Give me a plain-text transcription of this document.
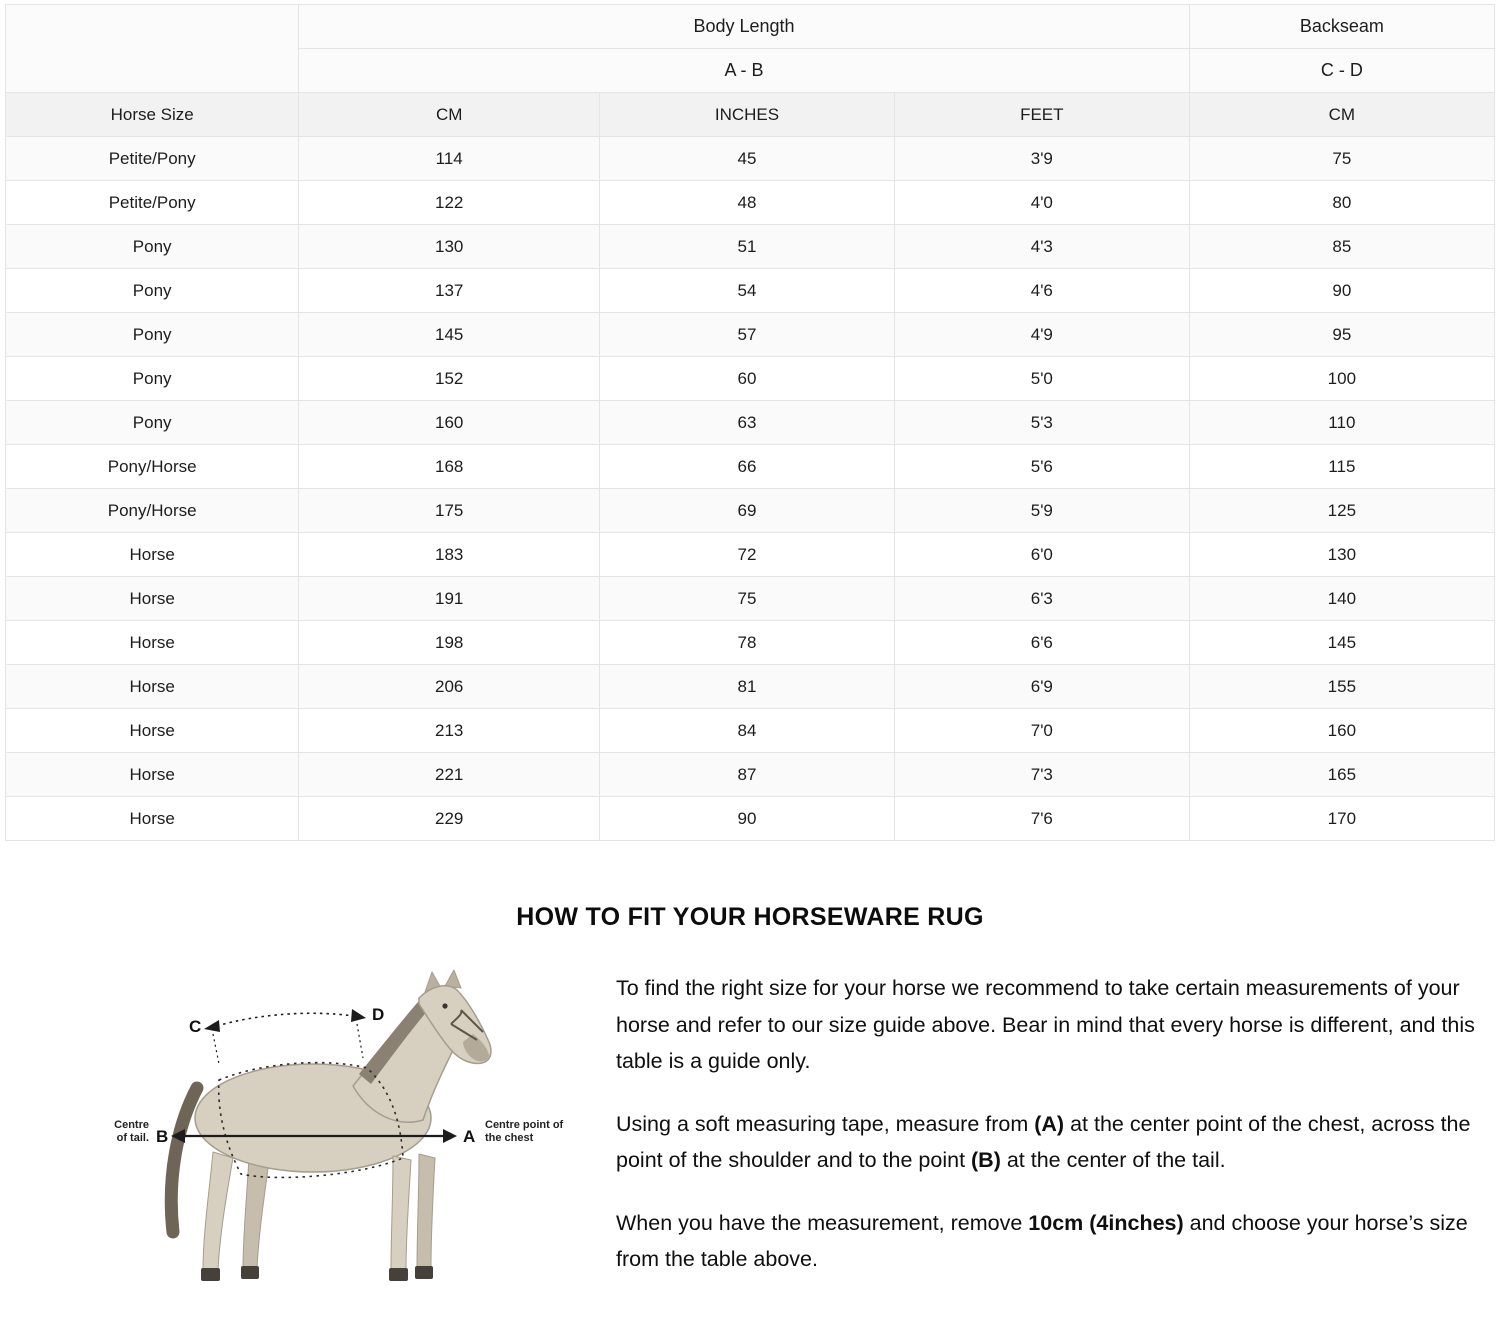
	Body Length			Backseam
	A - B			C - D
Horse Size	CM	INCHES	FEET	CM
Petite/Pony	114	45	3'9	75
Petite/Pony	122	48	4'0	80
Pony	130	51	4'3	85
Pony	137	54	4'6	90
Pony	145	57	4'9	95
Pony	152	60	5'0	100
Pony	160	63	5'3	110
Pony/Horse	168	66	5'6	115
Pony/Horse	175	69	5'9	125
Horse	183	72	6'0	130
Horse	191	75	6'3	140
Horse	198	78	6'6	145
Horse	206	81	6'9	155
Horse	213	84	7'0	160
Horse	221	87	7'3	165
Horse	229	90	7'6	170
HOW TO FIT YOUR HORSEWARE RUG
C
D
B	A
Centre
of tail.
Centre point of
the chest

To find the right size for your horse we recommend to take certain measurements of your horse and refer to our size guide above. Bear in mind that every horse is different, and this table is a guide only.

Using a soft measuring tape, measure from (A) at the center point of the chest, across the point of the shoulder and to the point (B) at the center of the tail.

When you have the measurement, remove 10cm (4inches) and choose your horse’s size from the table above.
